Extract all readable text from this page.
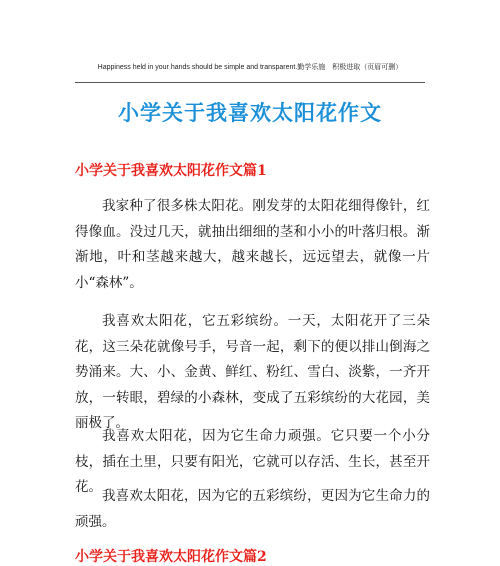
Happiness held in your hands should be simple and transparent.勤学乐施　积极进取（页眉可删）
小学关于我喜欢太阳花作文
小学关于我喜欢太阳花作文篇1
我家种了很多株太阳花。刚发芽的太阳花细得像针，红得像血。没过几天，就抽出细细的茎和小小的叶落归根。渐渐地，叶和茎越来越大，越来越长，远远望去，就像一片小“森林”。
我喜欢太阳花，它五彩缤纷。一天，太阳花开了三朵花，这三朵花就像号手，号音一起，剩下的便以排山倒海之势涌来。大、小、金黄、鲜红、粉红、雪白、淡紫，一齐开放，一转眼，碧绿的小森林，变成了五彩缤纷的大花园，美丽极了。
我喜欢太阳花，因为它生命力顽强。它只要一个小分枝，插在土里，只要有阳光，它就可以存活、生长，甚至开花。
我喜欢太阳花，因为它的五彩缤纷，更因为它生命力的顽强。
小学关于我喜欢太阳花作文篇2
